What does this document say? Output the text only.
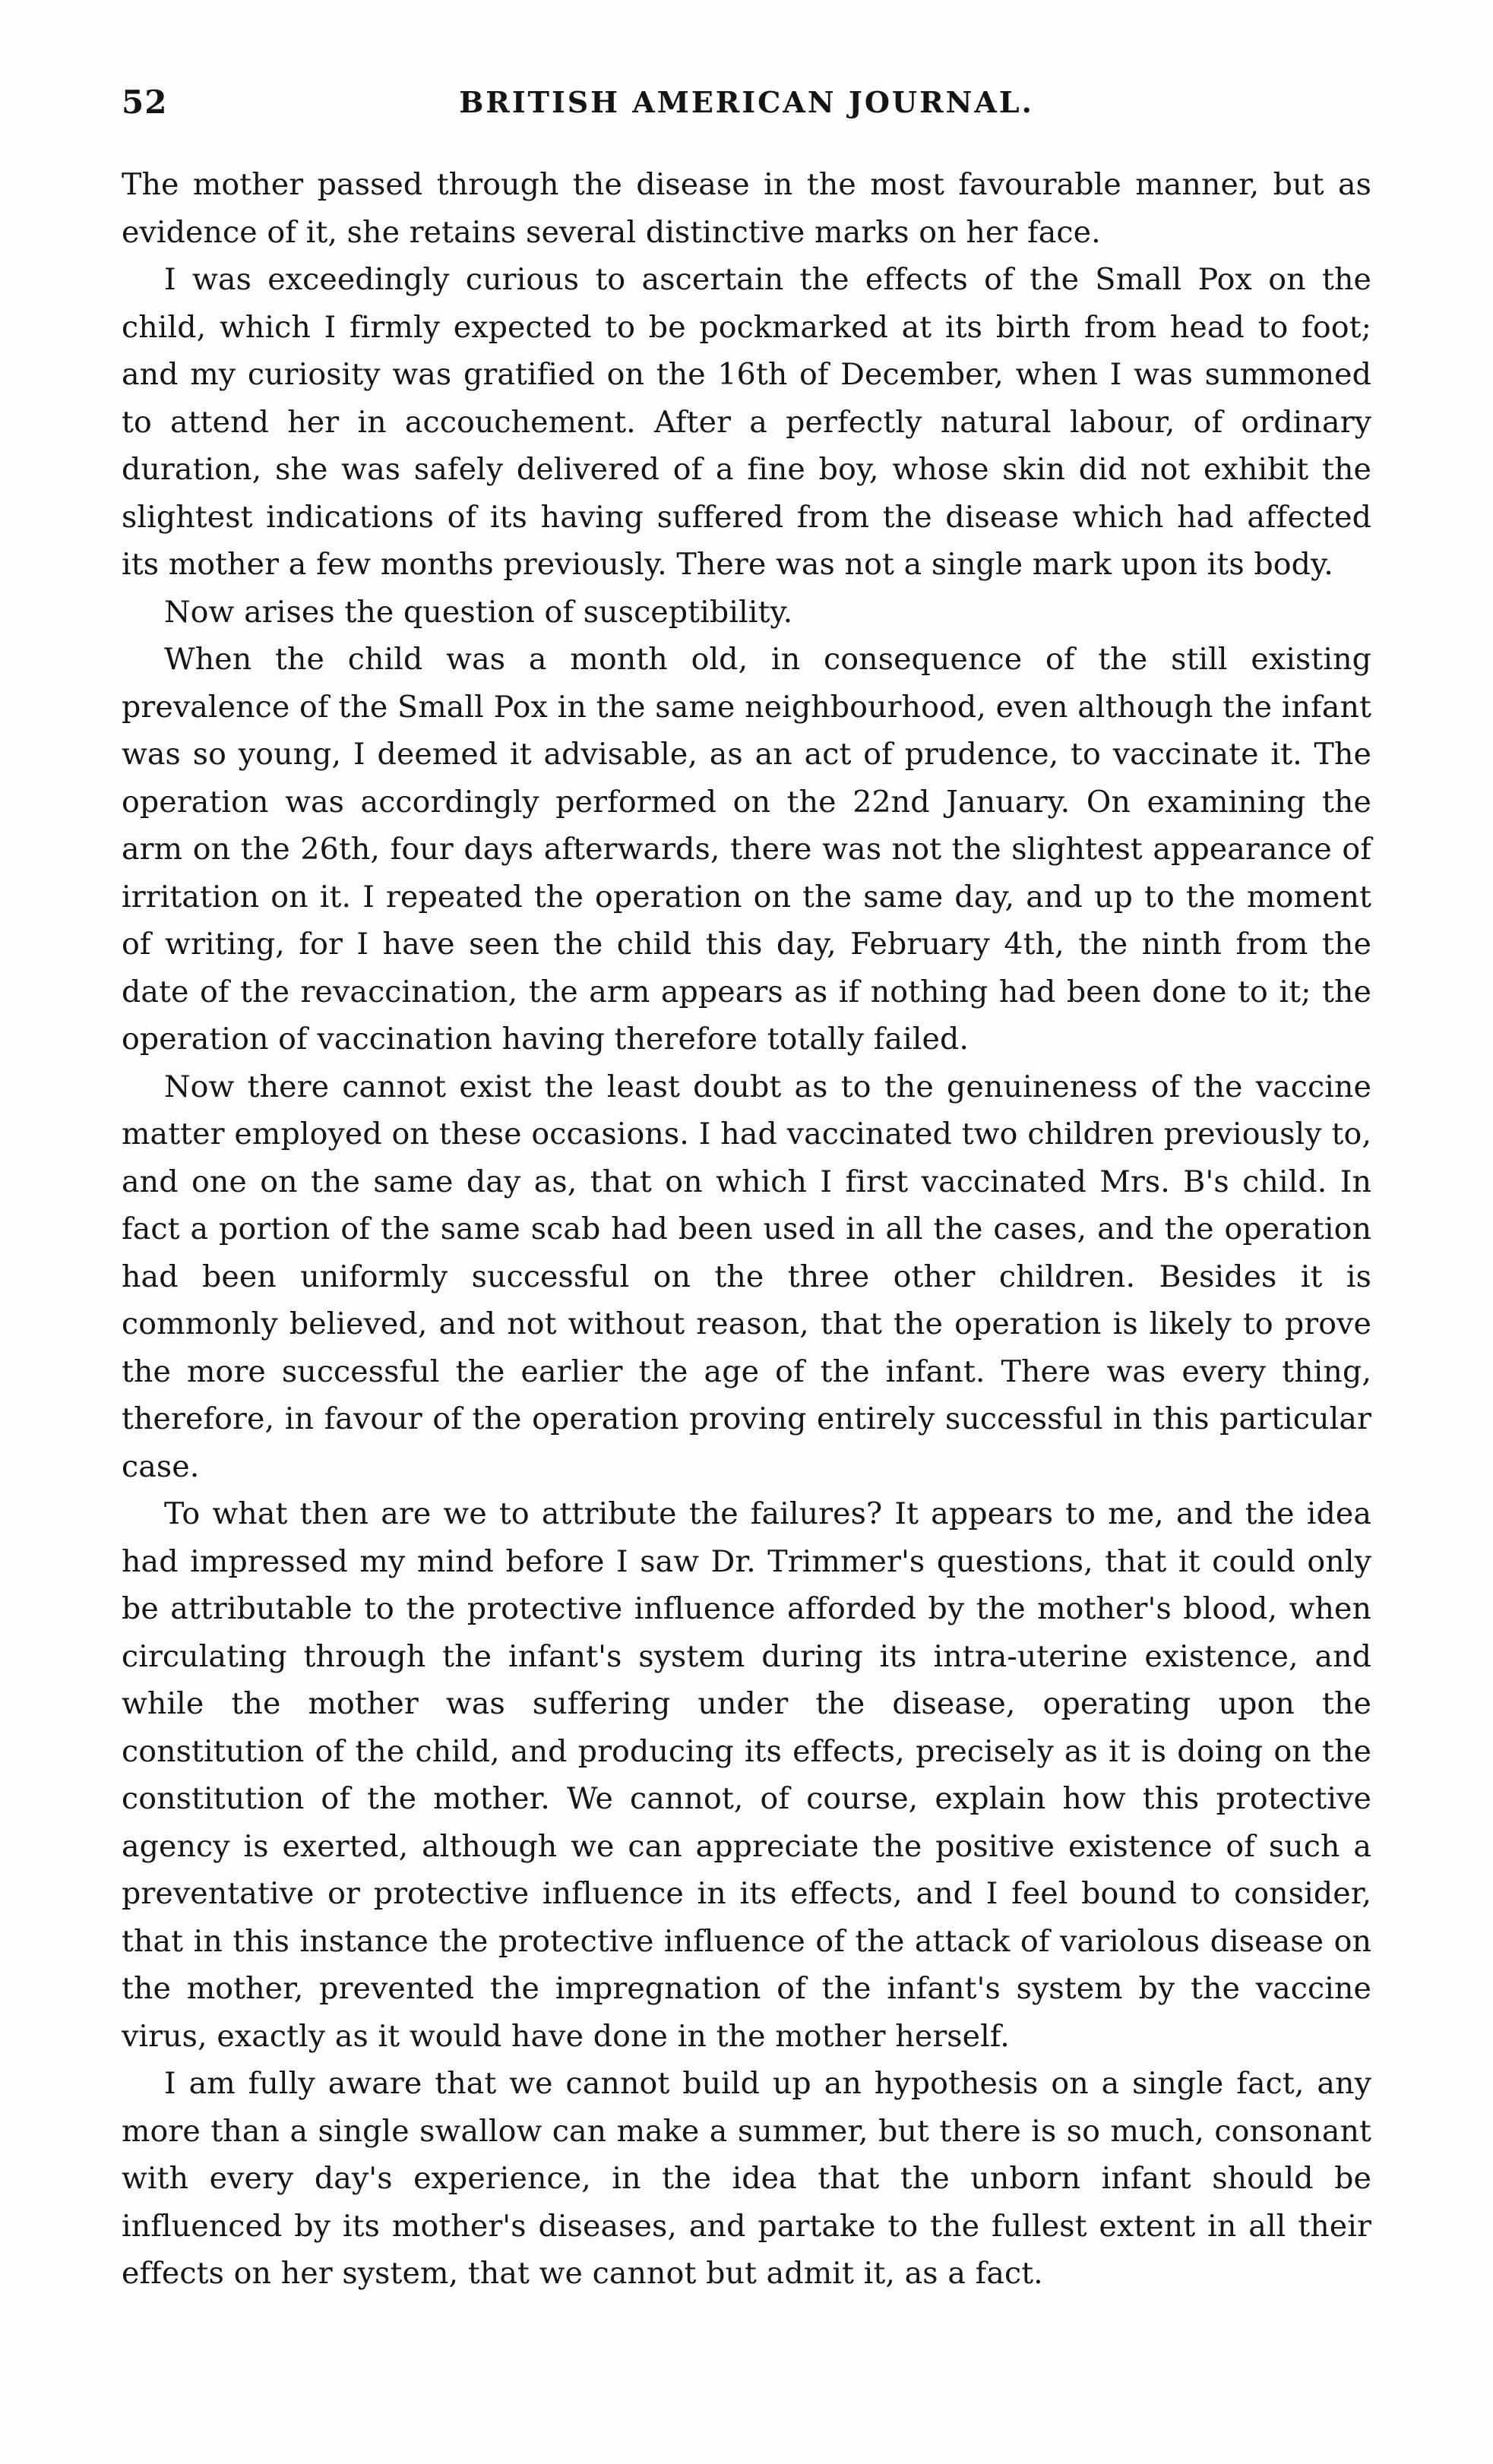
52	BRITISH AMERICAN JOURNAL.

The mother passed through the disease in the most favourable manner, but as evidence of it, she retains several distinctive marks on her face.

I was exceedingly curious to ascertain the effects of the Small Pox on the child, which I firmly expected to be pockmarked at its birth from head to foot; and my curiosity was gratified on the 16th of December, when I was summoned to attend her in accouchement. After a perfectly natural labour, of ordinary duration, she was safely delivered of a fine boy, whose skin did not exhibit the slightest indications of its having suffered from the disease which had affected its mother a few months previously. There was not a single mark upon its body.

Now arises the question of susceptibility.

When the child was a month old, in consequence of the still existing prevalence of the Small Pox in the same neighbourhood, even although the infant was so young, I deemed it advisable, as an act of prudence, to vaccinate it. The operation was accordingly performed on the 22nd January. On examining the arm on the 26th, four days afterwards, there was not the slightest appearance of irritation on it. I repeated the operation on the same day, and up to the moment of writing, for I have seen the child this day, February 4th, the ninth from the date of the revaccination, the arm appears as if nothing had been done to it; the operation of vaccination having therefore totally failed.

Now there cannot exist the least doubt as to the genuineness of the vaccine matter employed on these occasions. I had vaccinated two children previously to, and one on the same day as, that on which I first vaccinated Mrs. B's child. In fact a portion of the same scab had been used in all the cases, and the operation had been uniformly successful on the three other children. Besides it is commonly believed, and not without reason, that the operation is likely to prove the more successful the earlier the age of the infant. There was every thing, therefore, in favour of the operation proving entirely successful in this particular case.

To what then are we to attribute the failures? It appears to me, and the idea had impressed my mind before I saw Dr. Trimmer's questions, that it could only be attributable to the protective influence afforded by the mother's blood, when circulating through the infant's system during its intra-uterine existence, and while the mother was suffering under the disease, operating upon the constitution of the child, and producing its effects, precisely as it is doing on the constitution of the mother. We cannot, of course, explain how this protective agency is exerted, although we can appreciate the positive existence of such a preventative or protective influence in its effects, and I feel bound to consider, that in this instance the protective influence of the attack of variolous disease on the mother, prevented the impregnation of the infant's system by the vaccine virus, exactly as it would have done in the mother herself.

I am fully aware that we cannot build up an hypothesis on a single fact, any more than a single swallow can make a summer, but there is so much, consonant with every day's experience, in the idea that the unborn infant should be influenced by its mother's diseases, and partake to the fullest extent in all their effects on her system, that we cannot but admit it, as a fact.
